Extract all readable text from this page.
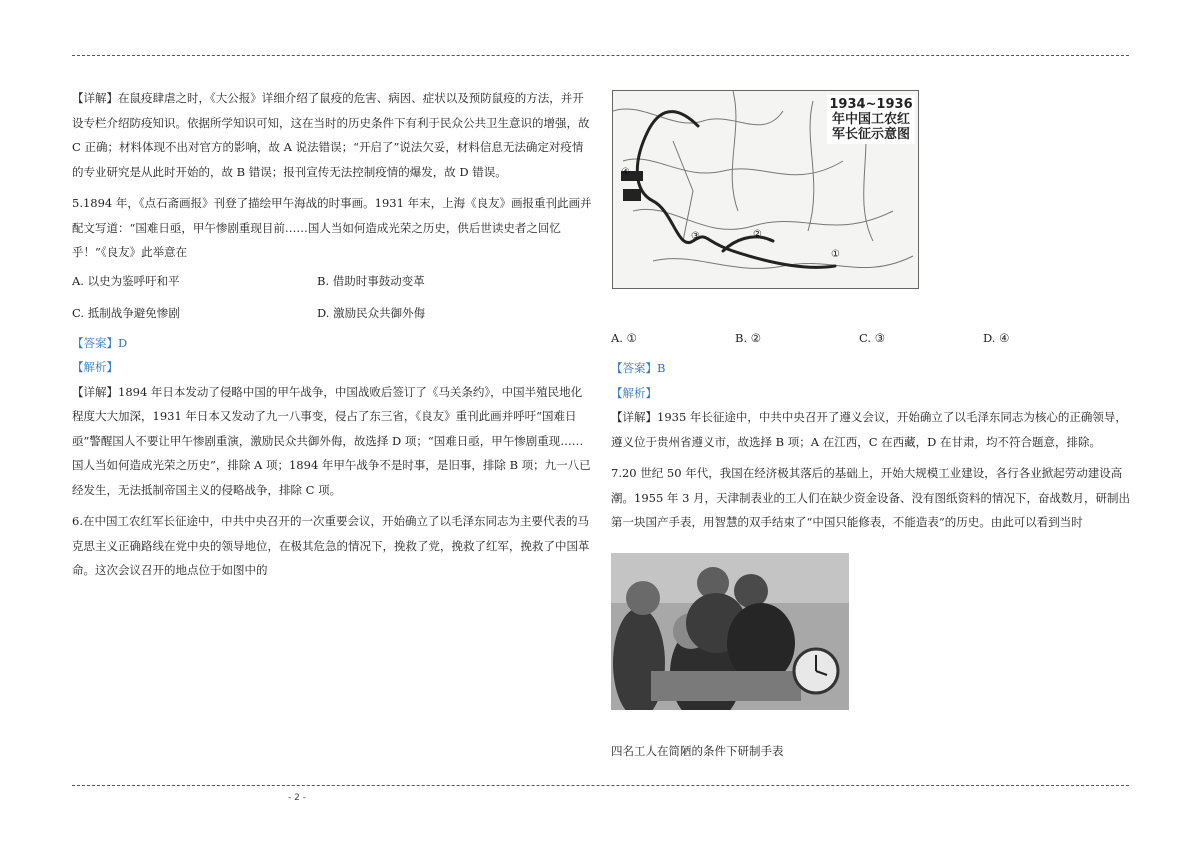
【详解】在鼠疫肆虐之时，《大公报》详细介绍了鼠疫的危害、病因、症状以及预防鼠疫的方法，并开设专栏介绍防疫知识。依据所学知识可知，这在当时的历史条件下有利于民众公共卫生意识的增强，故 C 正确；材料体现不出对官方的影响，故 A 说法错误；“开启了”说法欠妥，材料信息无法确定对疫情的专业研究是从此时开始的，故 B 错误；报刊宣传无法控制疫情的爆发，故 D 错误。

5.1894 年，《点石斋画报》刊登了描绘甲午海战的时事画。1931 年末，上海《良友》画报重刊此画并配文写道：“国难日亟，甲午惨剧重现目前……国人当如何造成光荣之历史，供后世读史者之回忆乎！”《良友》此举意在

A. 以史为鉴呼吁和平	B. 借助时事鼓动变革
C. 抵制战争避免惨剧	D. 激励民众共御外侮

【答案】D

【解析】

【详解】1894 年日本发动了侵略中国的甲午战争，中国战败后签订了《马关条约》，中国半殖民地化程度大大加深，1931 年日本又发动了九一八事变，侵占了东三省，《良友》重刊此画并呼吁“国难日亟”警醒国人不要让甲午惨剧重演，激励民众共御外侮，故选择 D 项；“国难日亟，甲午惨剧重现……国人当如何造成光荣之历史”，排除 A 项；1894 年甲午战争不是时事，是旧事，排除 B 项；九一八已经发生，无法抵制帝国主义的侵略战争，排除 C 项。

6.在中国工农红军长征途中，中共中央召开的一次重要会议，开始确立了以毛泽东同志为主要代表的马克思主义正确路线在党中央的领导地位，在极其危急的情况下，挽救了党，挽救了红军，挽救了中国革命。这次会议召开的地点位于如图中的

①
②
③
④
1934~1936年中国工农红军长征示意图
A. ①	B. ②	C. ③	D. ④

【答案】B

【解析】

【详解】1935 年长征途中，中共中央召开了遵义会议，开始确立了以毛泽东同志为核心的正确领导，遵义位于贵州省遵义市，故选择 B 项；A 在江西，C 在西藏，D 在甘肃，均不符合题意，排除。

7.20 世纪 50 年代，我国在经济极其落后的基础上，开始大规模工业建设，各行各业掀起劳动建设高潮。1955 年 3 月，天津制表业的工人们在缺少资金设备、没有图纸资料的情况下，奋战数月，研制出第一块国产手表，用智慧的双手结束了“中国只能修表，不能造表”的历史。由此可以看到当时

四名工人在简陋的条件下研制手表
- 2 -
